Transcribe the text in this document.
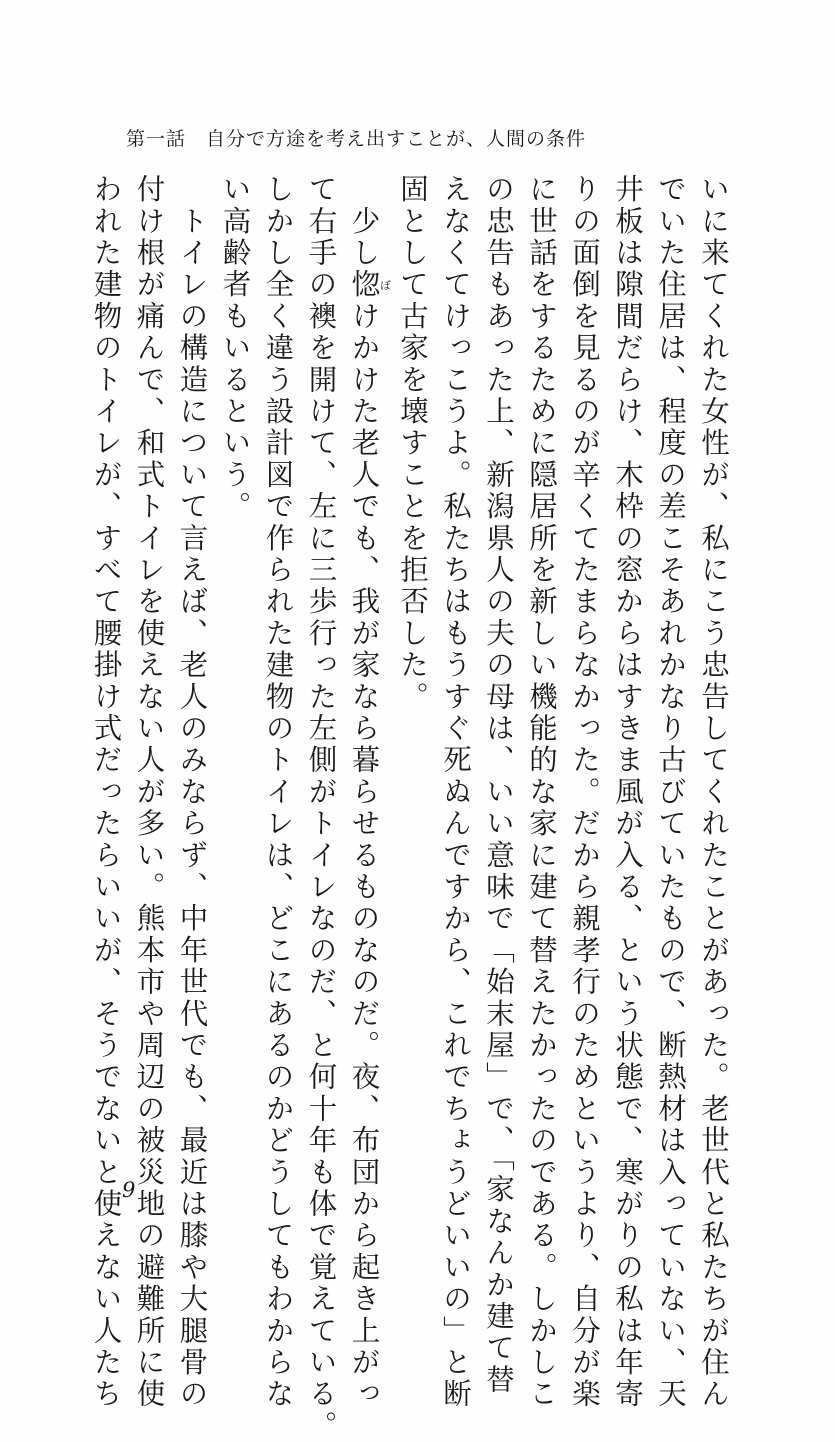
第一話　自分で方途を考え出すことが、人間の条件
いに来てくれた女性が、私にこう忠告してくれたことがあった。老世代と私たちが住ん
でいた住居は、程度の差こそあれかなり古びていたもので、断熱材は入っていない、天
井板は隙間だらけ、木枠の窓からはすきま風が入る、という状態で、寒がりの私は年寄
りの面倒を見るのが辛くてたまらなかった。だから親孝行のためというより、自分が楽
に世話をするために隠居所を新しい機能的な家に建て替えたかったのである。しかしこ
の忠告もあった上、新潟県人の夫の母は、いい意味で「始末屋」で、「家なんか建て替
えなくてけっこうよ。私たちはもうすぐ死ぬんですから、これでちょうどいいの」と断
固として古家を壊すことを拒否した。
　少し惚ぼけかけた老人でも、我が家なら暮らせるものなのだ。夜、布団から起き上がっ
て右手の襖を開けて、左に三歩行った左側がトイレなのだ、と何十年も体で覚えている。
しかし全く違う設計図で作られた建物のトイレは、どこにあるのかどうしてもわからな
い高齢者もいるという。
　トイレの構造について言えば、老人のみならず、中年世代でも、最近は膝や大腿骨の
付け根が痛んで、和式トイレを使えない人が多い。熊本市や周辺の被災地の避難所に使
われた建物のトイレが、すべて腰掛け式だったらいいが、そうでないと使えない人たち 9
